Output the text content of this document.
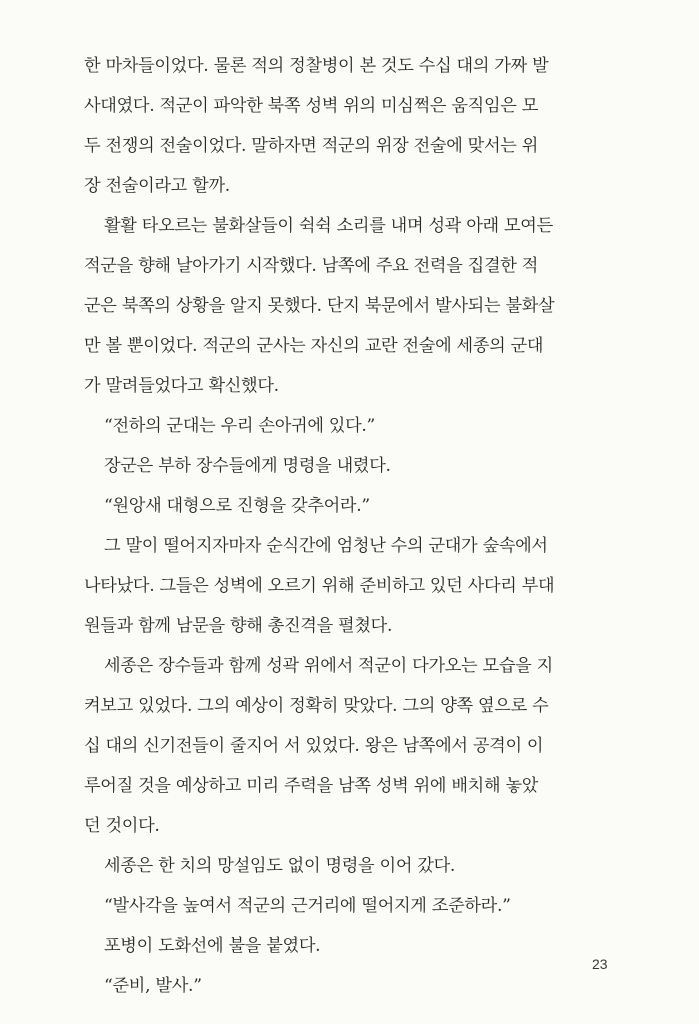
한 마차들이었다. 물론 적의 정찰병이 본 것도 수십 대의 가짜 발
사대였다. 적군이 파악한 북쪽 성벽 위의 미심쩍은 움직임은 모
두 전쟁의 전술이었다. 말하자면 적군의 위장 전술에 맞서는 위
장 전술이라고 할까.
활활 타오르는 불화살들이 쉭쉭 소리를 내며 성곽 아래 모여든
적군을 향해 날아가기 시작했다. 남쪽에 주요 전력을 집결한 적
군은 북쪽의 상황을 알지 못했다. 단지 북문에서 발사되는 불화살
만 볼 뿐이었다. 적군의 군사는 자신의 교란 전술에 세종의 군대
가 말려들었다고 확신했다.
“전하의 군대는 우리 손아귀에 있다.”
장군은 부하 장수들에게 명령을 내렸다.
“원앙새 대형으로 진형을 갖추어라.”
그 말이 떨어지자마자 순식간에 엄청난 수의 군대가 숲속에서
나타났다. 그들은 성벽에 오르기 위해 준비하고 있던 사다리 부대
원들과 함께 남문을 향해 총진격을 펼쳤다.
세종은 장수들과 함께 성곽 위에서 적군이 다가오는 모습을 지
켜보고 있었다. 그의 예상이 정확히 맞았다. 그의 양쪽 옆으로 수
십 대의 신기전들이 줄지어 서 있었다. 왕은 남쪽에서 공격이 이
루어질 것을 예상하고 미리 주력을 남쪽 성벽 위에 배치해 놓았
던 것이다.
세종은 한 치의 망설임도 없이 명령을 이어 갔다.
“발사각을 높여서 적군의 근거리에 떨어지게 조준하라.”
포병이 도화선에 불을 붙였다.
“준비, 발사.”
23
